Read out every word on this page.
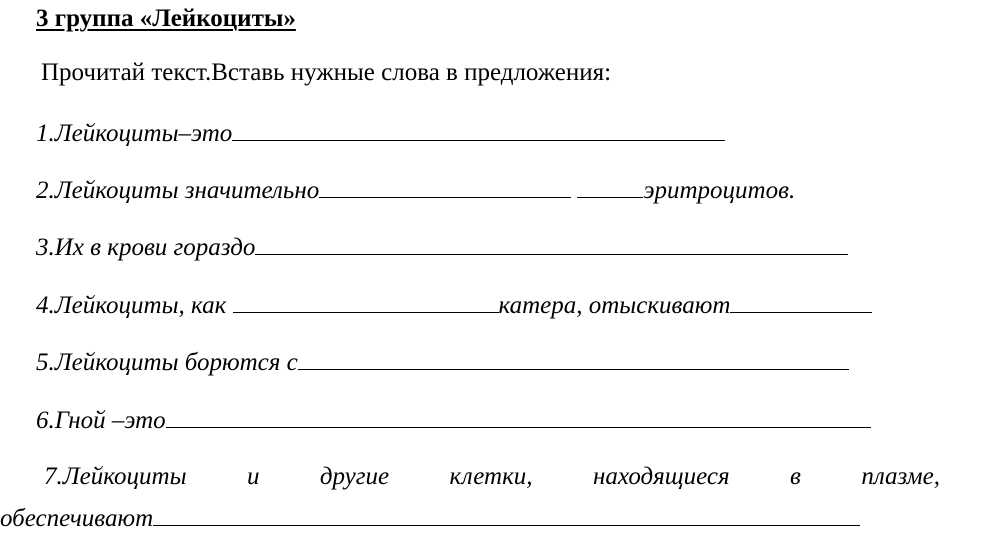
3 группа «Лейкоциты»
Прочитай текст.Вставь нужные слова в предложения:
1.Лейкоциты–это
2.Лейкоциты значительно	эритроцитов.
3.Их в крови гораздо
4.Лейкоциты, как	катера, отыскивают
5.Лейкоциты борются с
6.Гной –это
7.Лейкоциты и другие клетки, находящиеся в плазме,
обеспечивают
